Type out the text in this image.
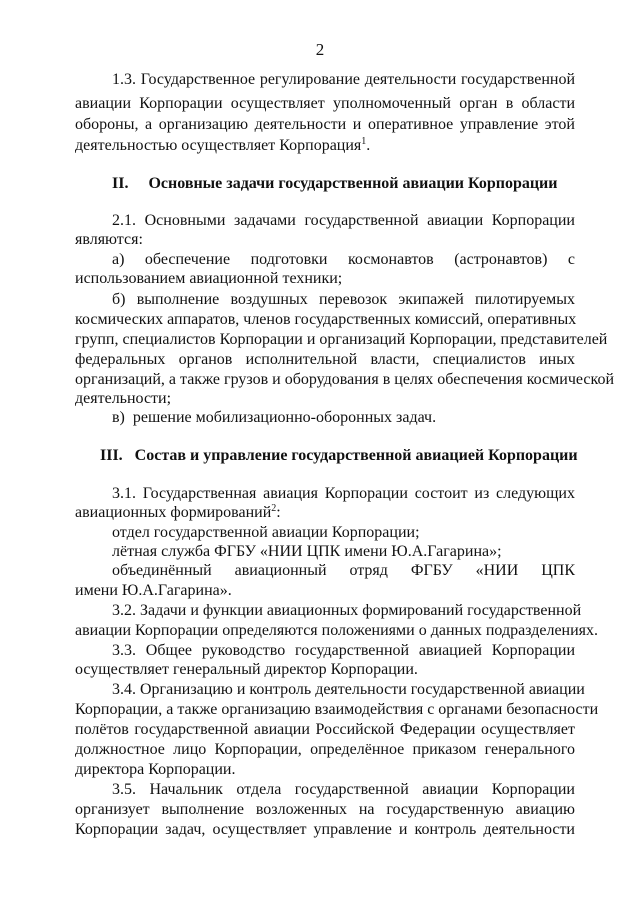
2
1.3. Государственное регулирование деятельности государственной
авиации Корпорации осуществляет уполномоченный орган в области
обороны, а организацию деятельности и оперативное управление этой
деятельностью осуществляет Корпорация$^1$.
II.     Основные задачи государственной авиации Корпорации
2.1. Основными задачами государственной авиации Корпорации
являются:
а) обеспечение подготовки космонавтов (астронавтов) с
использованием авиационной техники;
б) выполнение воздушных перевозок экипажей пилотируемых
космических аппаратов, членов государственных комиссий, оперативных
групп, специалистов Корпорации и организаций Корпорации, представителей
федеральных органов исполнительной власти, специалистов иных
организаций, а также грузов и оборудования в целях обеспечения космической
деятельности;
в)  решение мобилизационно-оборонных задач.
III.   Состав и управление государственной авиацией Корпорации
3.1. Государственная авиация Корпорации состоит из следующих
авиационных формирований$^2$:
отдел государственной авиации Корпорации;
лётная служба ФГБУ «НИИ ЦПК имени Ю.А.Гагарина»;
объединённый авиационный отряд ФГБУ «НИИ ЦПК
имени Ю.А.Гагарина».
3.2. Задачи и функции авиационных формирований государственной
авиации Корпорации определяются положениями о данных подразделениях.
3.3. Общее руководство государственной авиацией Корпорации
осуществляет генеральный директор Корпорации.
3.4. Организацию и контроль деятельности государственной авиации
Корпорации, а также организацию взаимодействия с органами безопасности
полётов государственной авиации Российской Федерации осуществляет
должностное лицо Корпорации, определённое приказом генерального
директора Корпорации.
3.5. Начальник отдела государственной авиации Корпорации
организует выполнение возложенных на государственную авиацию
Корпорации задач, осуществляет управление и контроль деятельности
